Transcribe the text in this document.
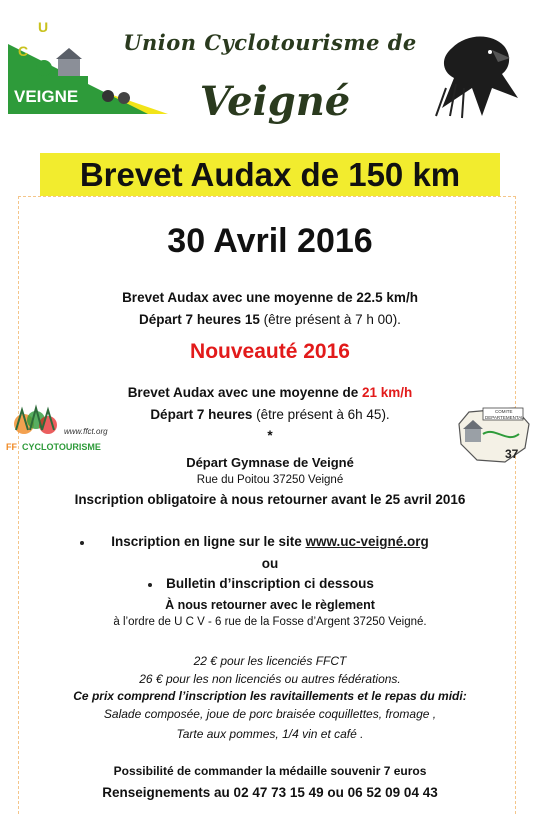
U
C
VEIGNE
Union Cyclotourisme de
Veigné
Brevet Audax de 150 km
30 Avril 2016
Brevet Audax avec une moyenne de 22.5 km/h
Départ 7 heures 15 (être présent à 7 h 00).
Nouveauté 2016
Brevet Audax avec une moyenne de 21 km/h
Départ 7 heures (être présent à 6h 45).
*
www.ffct.org
FF CYCLOTOURISME
COMITE
DEPARTEMENTAL
37
Départ Gymnase de Veigné
Rue du Poitou 37250 Veigné
Inscription obligatoire à nous retourner avant le 25 avril 2016
Inscription en ligne sur le site www.uc-veigné.org
ou
Bulletin d’inscription ci dessous
À nous retourner avec le règlement
à l’ordre de U C V - 6 rue de la Fosse d’Argent 37250 Veigné.
22 € pour les licenciés FFCT
26 € pour les non licenciés ou autres fédérations.
Ce prix comprend l’inscription les ravitaillements et le repas du midi:
Salade composée, joue de porc braisée coquillettes, fromage ,
Tarte aux pommes, 1/4 vin et café .
Possibilité de commander la médaille souvenir 7 euros
Renseignements au 02 47 73 15 49 ou 06 52 09 04 43
